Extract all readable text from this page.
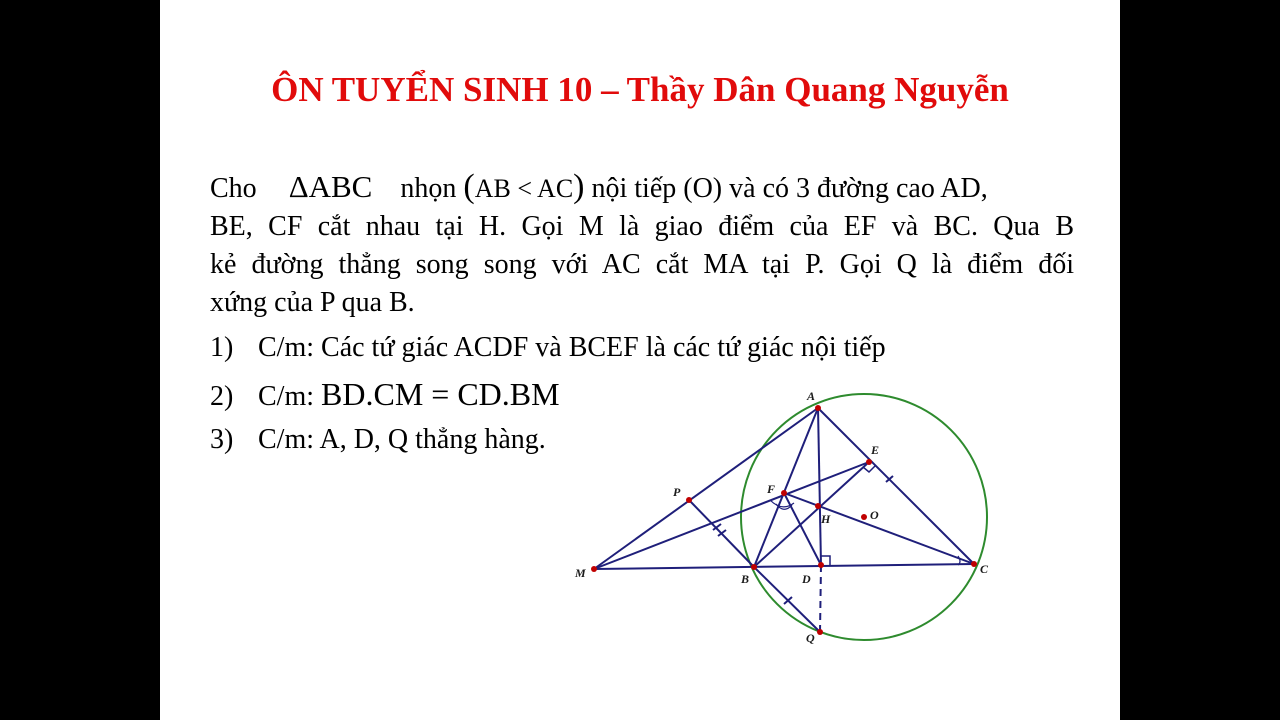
ÔN TUYỂN SINH 10 – Thầy Dân Quang Nguyễn
Cho ΔABC nhọn (AB < AC) nội tiếp (O) và có 3 đường cao AD,
BE, CF cắt nhau tại H. Gọi M là giao điểm của EF và BC. Qua B
kẻ đường thẳng song song với AC cắt MA tại P. Gọi Q là điểm đối
xứng của P qua B.
1) C/m: Các tứ giác ACDF và BCEF là các tứ giác nội tiếp
2) C/m: BD.CM = CD.BM
3) C/m: A, D, Q thẳng hàng.
A
E
F
H	O
P
M	B	D
C
Q
